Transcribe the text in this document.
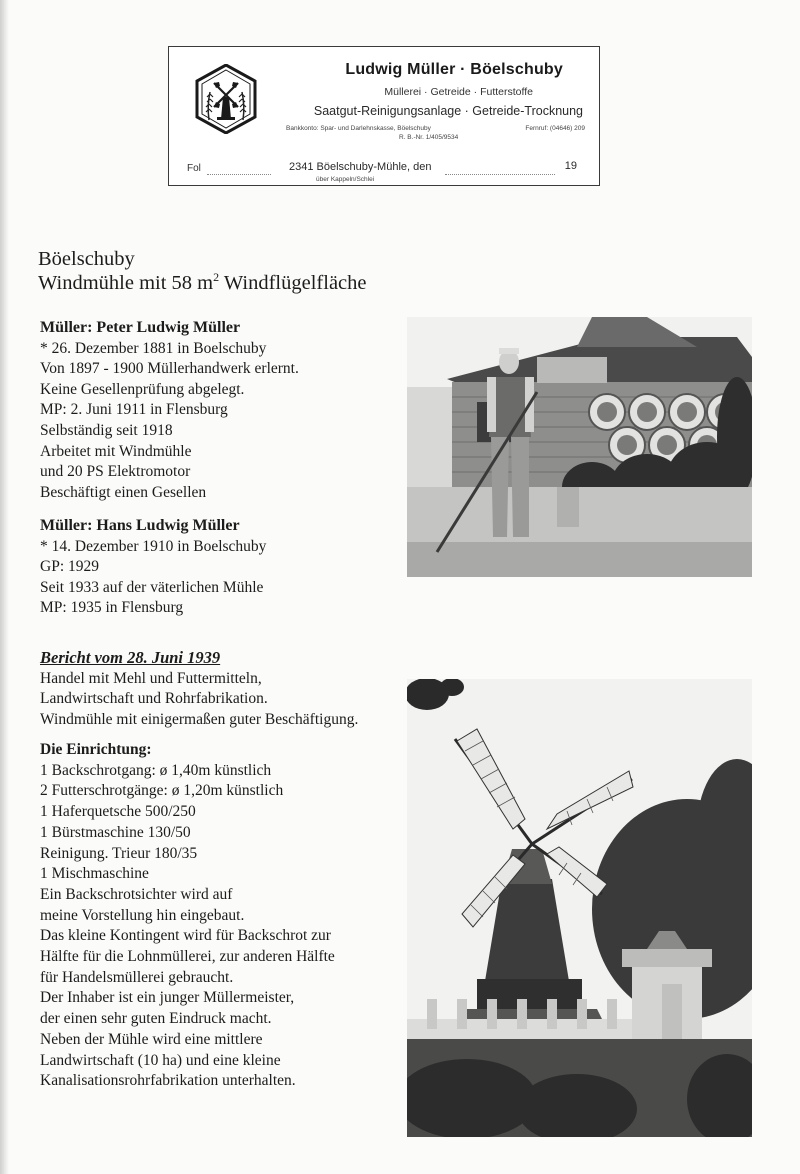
Ludwig Müller · Böelschuby
Müllerei · Getreide · Futterstoffe
Saatgut-Reinigungsanlage · Getreide-Trocknung
Bankkonto: Spar- und Darlehnskasse, Böelschuby
R. B.-Nr. 1/405/9534
Fernruf: (04646) 209
Fol	2341 Böelschuby-Mühle, den	19
über Kappeln/Schlei
Böelschuby
Windmühle mit 58 $m^2$ Windflügelfläche
Müller: Peter Ludwig Müller
* 26. Dezember 1881 in Boelschuby
Von 1897 - 1900 Müllerhandwerk erlernt.
Keine Gesellenprüfung abgelegt.
MP: 2. Juni 1911 in Flensburg
Selbständig seit 1918
Arbeitet mit Windmühle
und 20 PS Elektromotor
Beschäftigt einen Gesellen
Müller: Hans Ludwig Müller
* 14. Dezember 1910 in Boelschuby
GP: 1929
Seit 1933 auf der väterlichen Mühle
MP: 1935 in Flensburg
Bericht vom 28. Juni 1939
Handel mit Mehl und Futtermitteln,
Landwirtschaft und Rohrfabrikation.
Windmühle mit einigermaßen guter Beschäftigung.
Die Einrichtung:
1 Backschrotgang: ø 1,40m künstlich
2 Futterschrotgänge: ø 1,20m künstlich
1 Haferquetsche 500/250
1 Bürstmaschine 130/50
Reinigung. Trieur 180/35
1 Mischmaschine
Ein Backschrotsichter wird auf
meine Vorstellung hin eingebaut.
Das kleine Kontingent wird für Backschrot zur
Hälfte für die Lohnmüllerei, zur anderen Hälfte
für Handelsmüllerei gebraucht.
Der Inhaber ist ein junger Müllermeister,
der einen sehr guten Eindruck macht.
Neben der Mühle wird eine mittlere
Landwirtschaft (10 ha) und eine kleine
Kanalisationsrohrfabrikation unterhalten.
